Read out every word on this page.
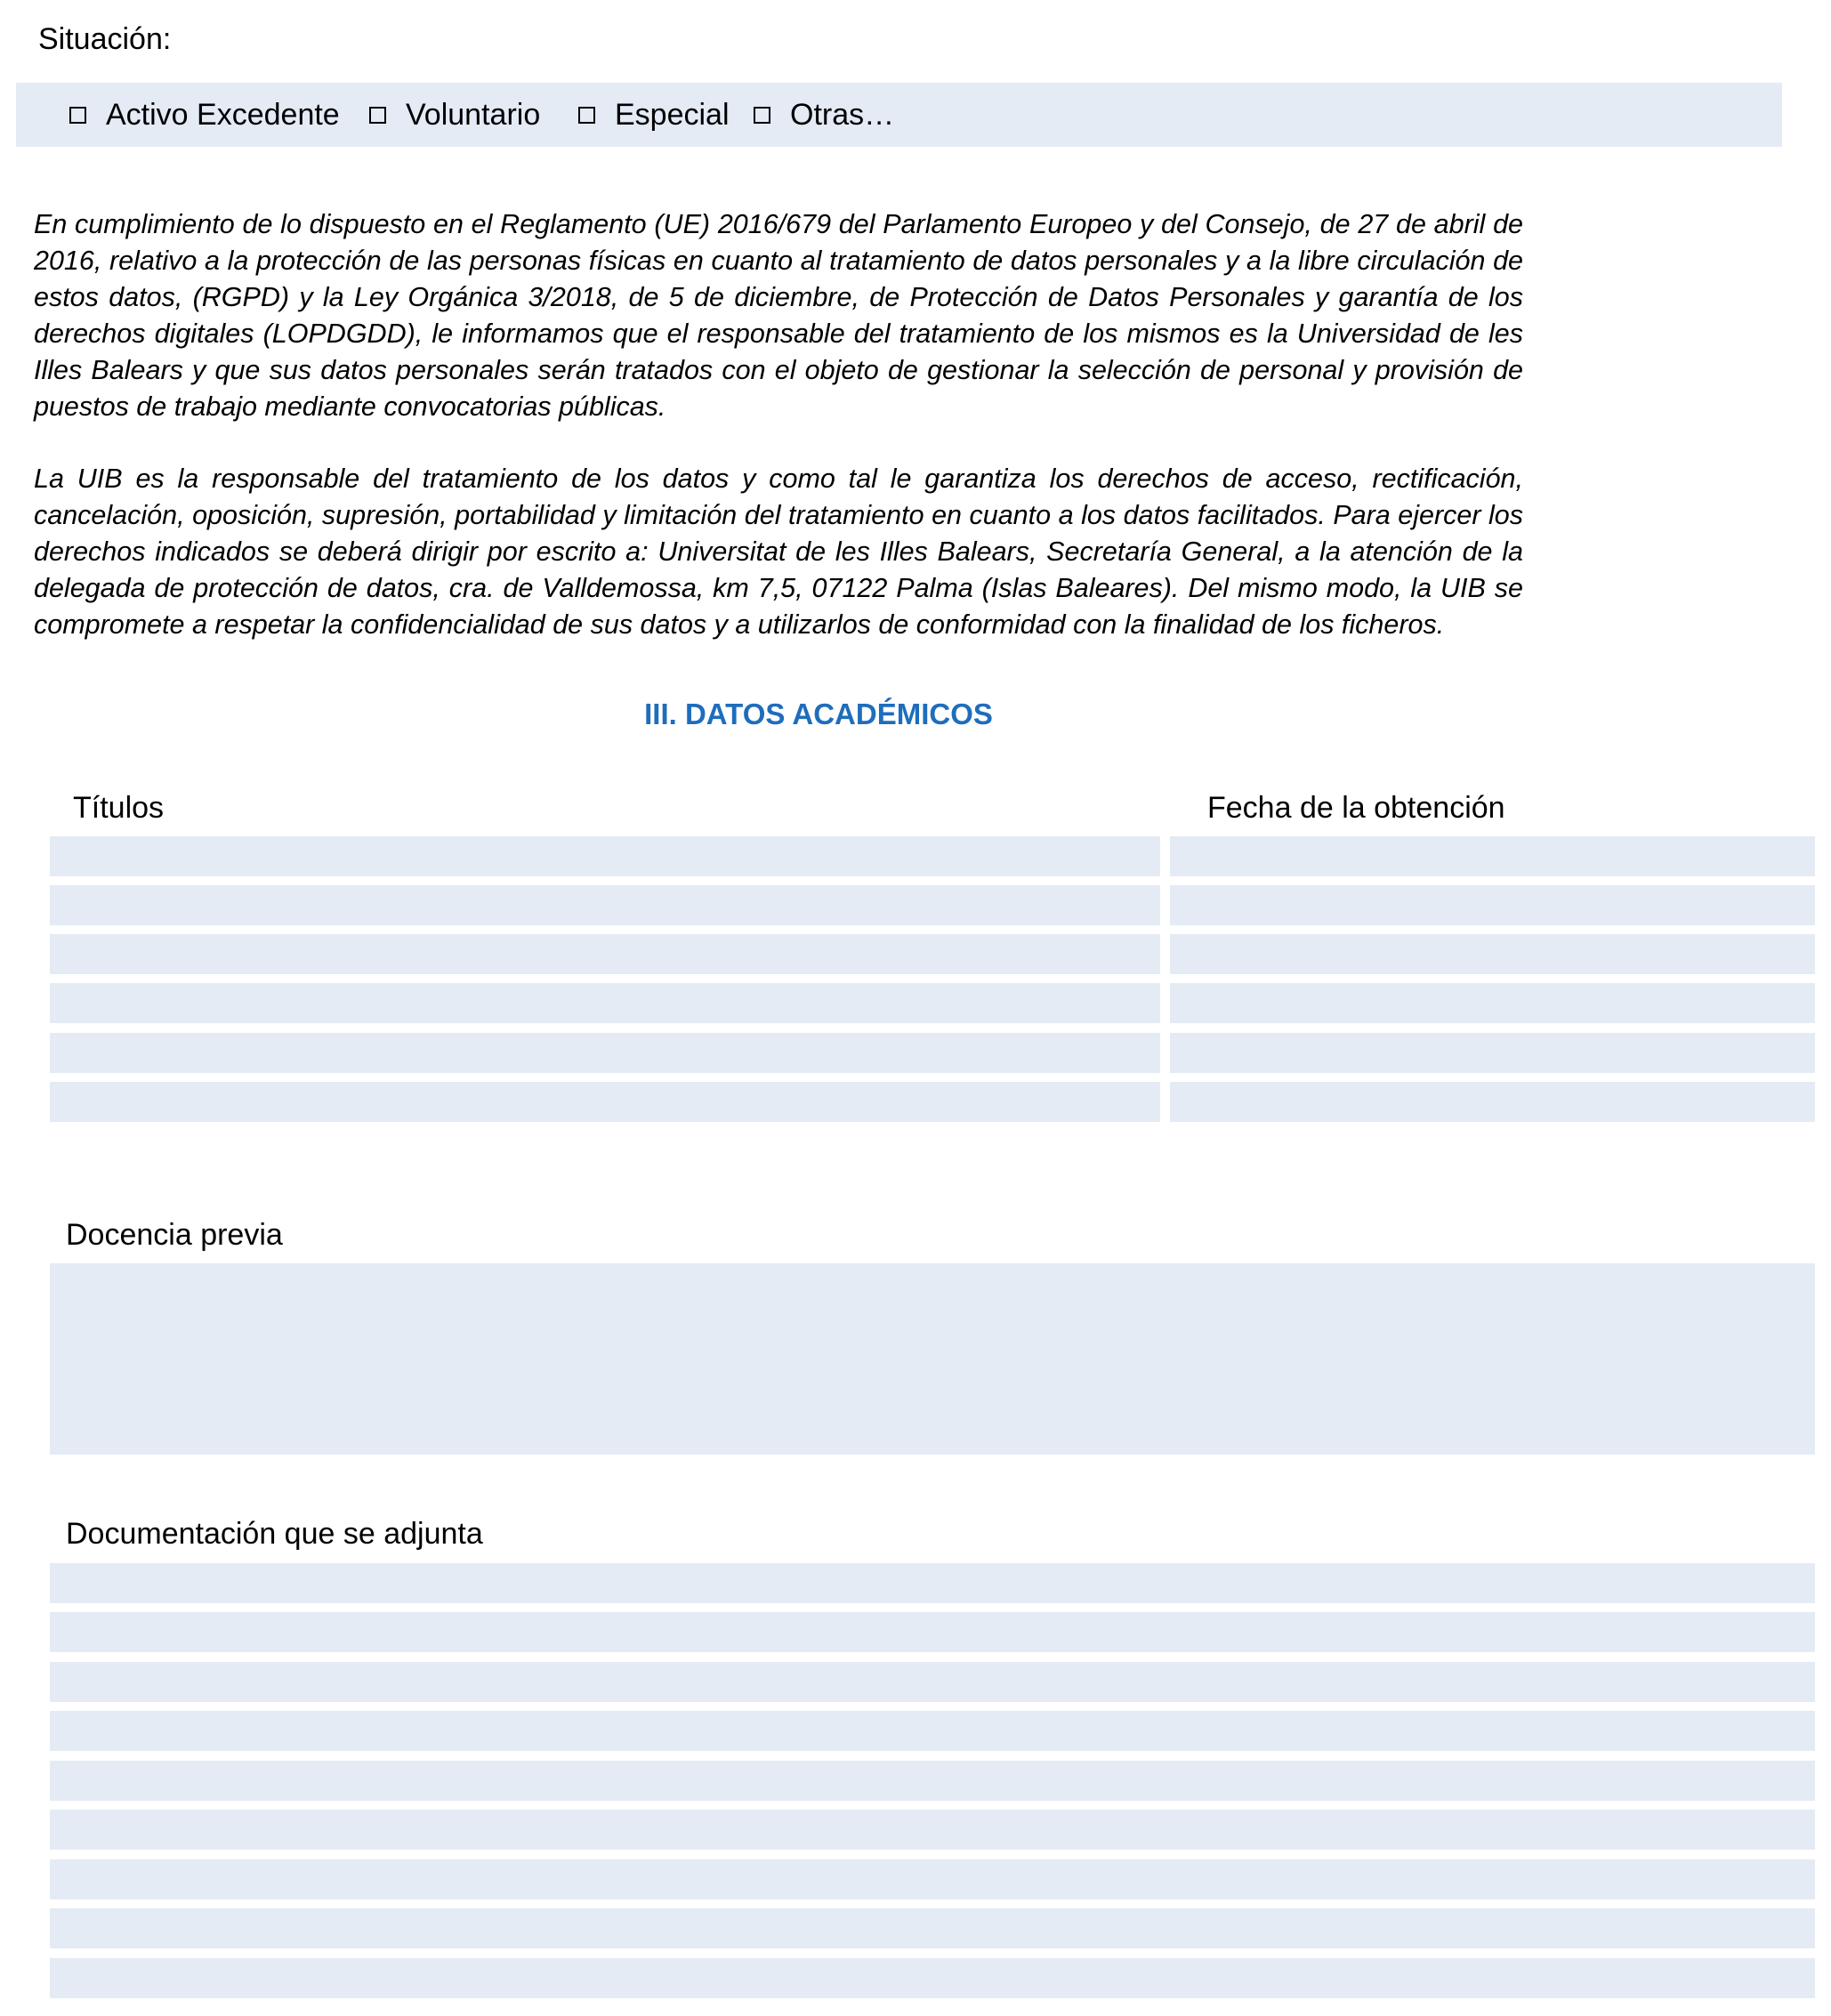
Situación:
Activo Excedente Voluntario Especial Otras…
En cumplimiento de lo dispuesto en el Reglamento (UE) 2016/679 del Parlamento Europeo y del Consejo, de 27 de abril de 2016, relativo a la protección de las personas físicas en cuanto al tratamiento de datos personales y a la libre circulación de estos datos, (RGPD) y la Ley Orgánica 3/2018, de 5 de diciembre, de Protección de Datos Personales y garantía de los derechos digitales (LOPDGDD), le informamos que el responsable del tratamiento de los mismos es la Universidad de les Illes Balears y que sus datos personales serán tratados con el objeto de gestionar la selección de personal y provisión de puestos de trabajo mediante convocatorias públicas.
La UIB es la responsable del tratamiento de los datos y como tal le garantiza los derechos de acceso, rectificación, cancelación, oposición, supresión, portabilidad y limitación del tratamiento en cuanto a los datos facilitados. Para ejercer los derechos indicados se deberá dirigir por escrito a: Universitat de les Illes Balears, Secretaría General, a la atención de la delegada de protección de datos, cra. de Valldemossa, km 7,5, 07122 Palma (Islas Baleares). Del mismo modo, la UIB se compromete a respetar la confidencialidad de sus datos y a utilizarlos de conformidad con la finalidad de los ficheros.
III. DATOS ACADÉMICOS
Títulos	Fecha de la obtención
Docencia previa
Documentación que se adjunta
